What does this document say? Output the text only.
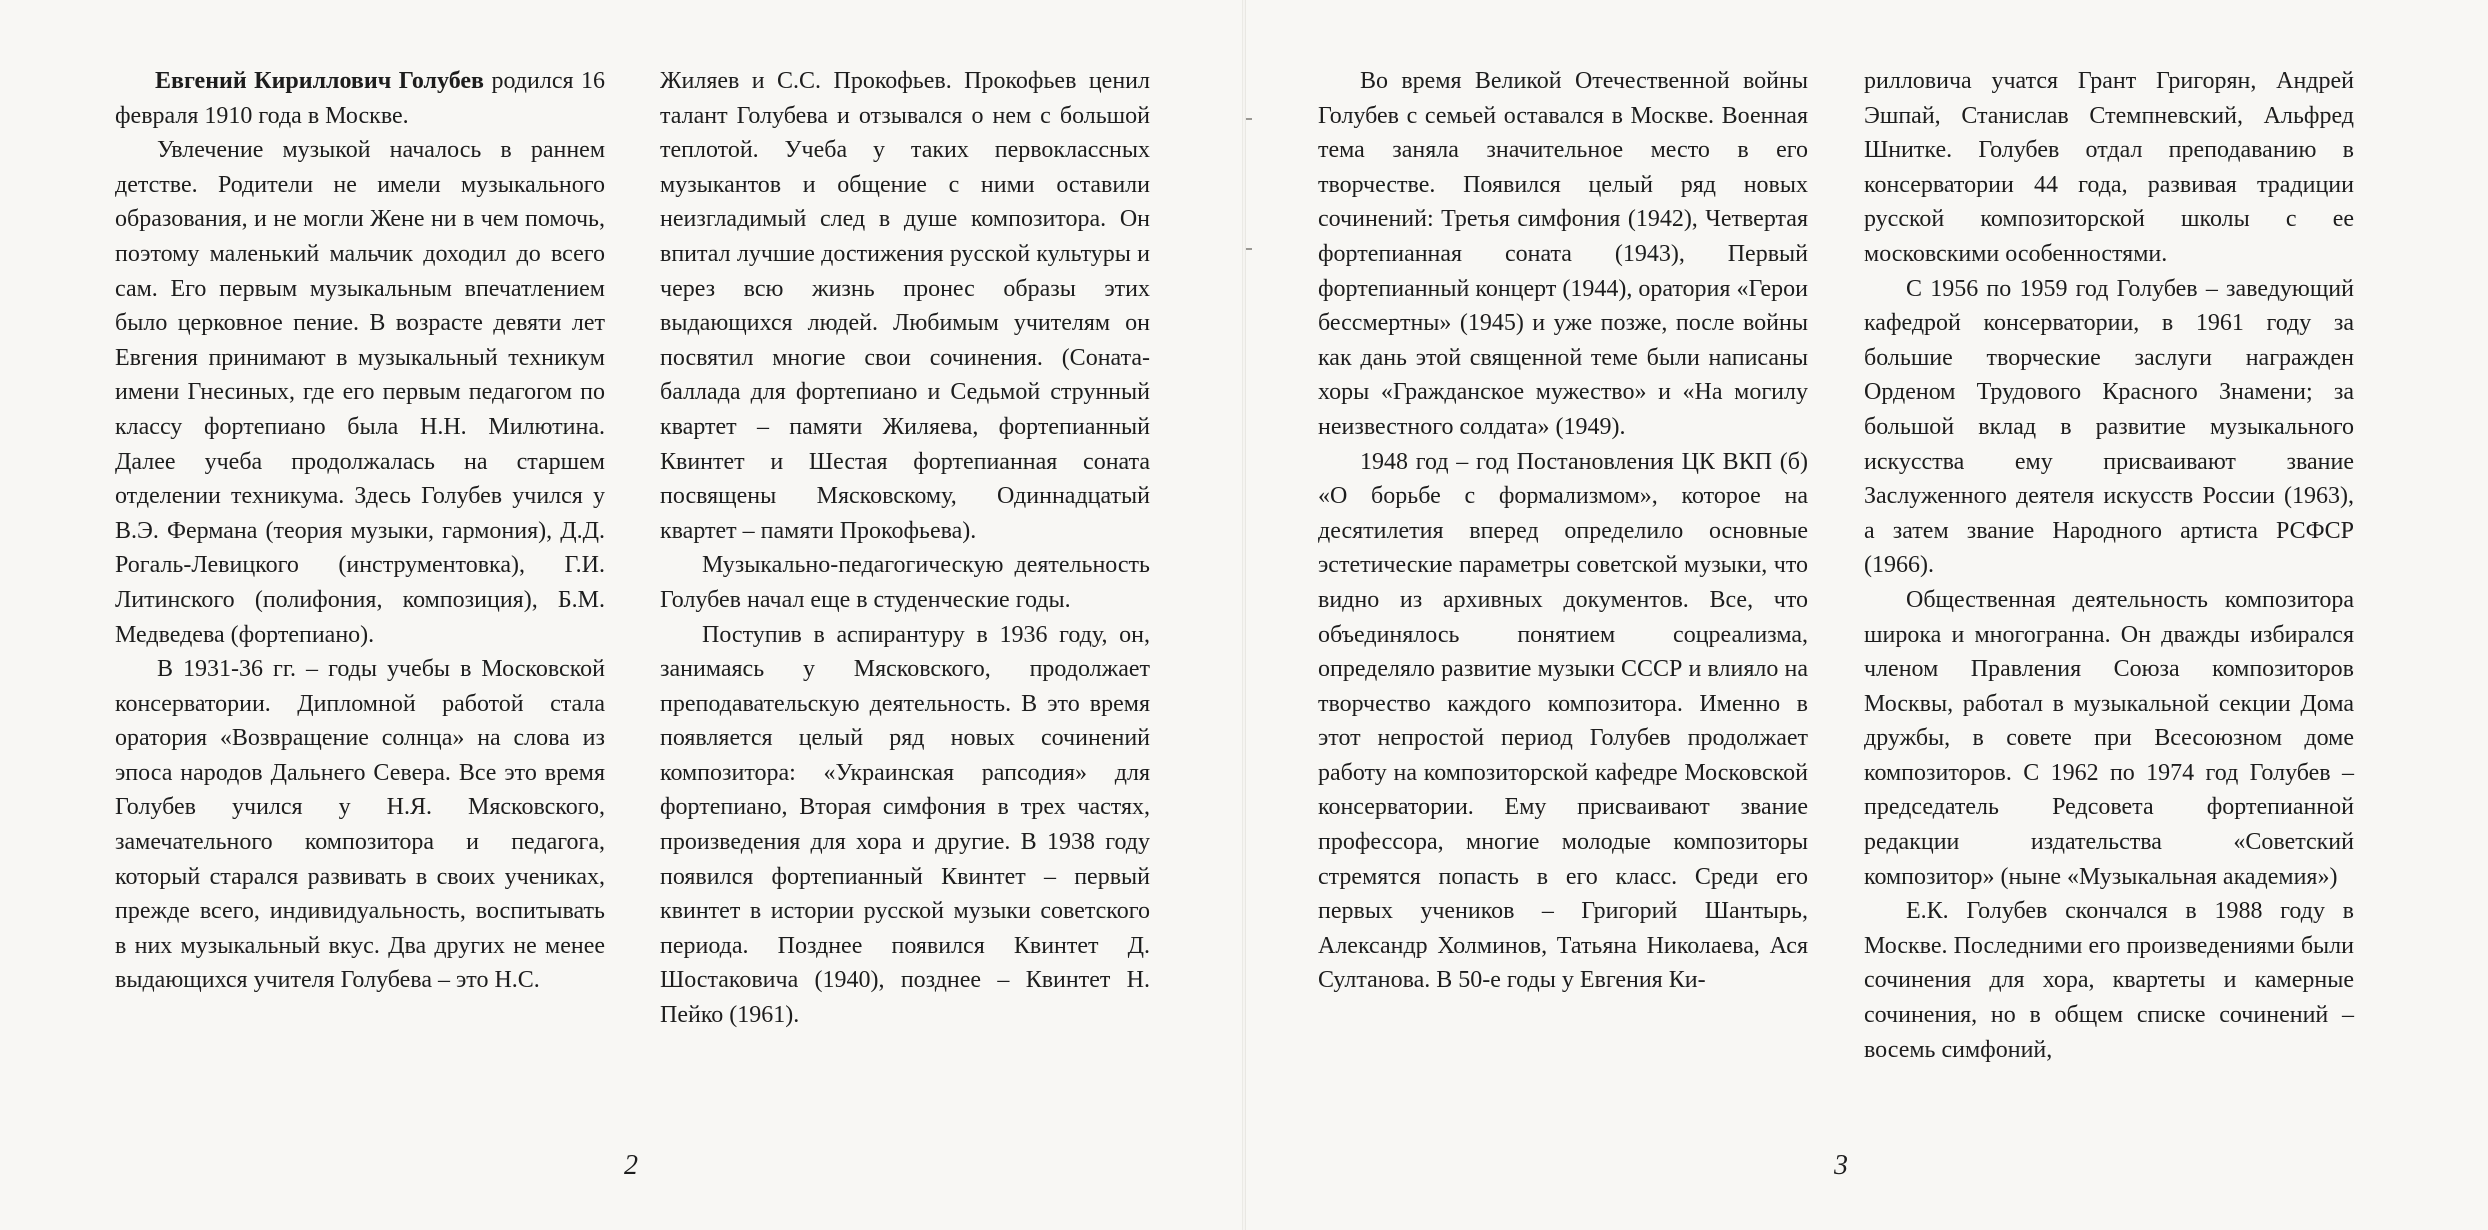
Евгений Кириллович Голубев родился 16 февраля 1910 года в Москве.

Увлечение музыкой началось в раннем детстве. Родители не имели музыкального образования, и не могли Жене ни в чем помочь, поэтому маленький мальчик доходил до всего сам. Его первым музыкальным впечатлением было церковное пение. В возрасте девяти лет Евгения принимают в музыкальный техникум имени Гнесиных, где его первым педагогом по классу фортепиано была Н.Н. Милютина. Далее учеба продолжалась на старшем отделении техникума. Здесь Голубев учился у В.Э. Фермана (теория музыки, гармония), Д.Д. Рогаль-Левицкого (инструментовка), Г.И. Литинского (полифония, композиция), Б.М. Медведева (фортепиано).

В 1931-36 гг. – годы учебы в Московской консерватории. Дипломной работой стала оратория «Возвращение солнца» на слова из эпоса народов Дальнего Севера. Все это время Голубев учился у Н.Я. Мясковского, замечательного композитора и педагога, который старался развивать в своих учениках, прежде всего, индивидуальность, воспитывать в них музыкальный вкус. Два других не менее выдающихся учителя Голубева – это Н.С.

Жиляев и С.С. Прокофьев. Прокофьев ценил талант Голубева и отзывался о нем с большой теплотой. Учеба у таких первоклассных музыкантов и общение с ними оставили неизгладимый след в душе композитора. Он впитал лучшие достижения русской культуры и через всю жизнь пронес образы этих выдающихся людей. Любимым учителям он посвятил многие свои сочинения. (Соната-баллада для фортепиано и Седьмой струнный квартет – памяти Жиляева, фортепианный Квинтет и Шестая фортепианная соната посвящены Мясковскому, Одиннадцатый квартет – памяти Прокофьева).

Музыкально-педагогическую деятельность Голубев начал еще в студенческие годы.

Поступив в аспирантуру в 1936 году, он, занимаясь у Мясковского, продолжает преподавательскую деятельность. В это время появляется целый ряд новых сочинений композитора: «Украинская рапсодия» для фортепиано, Вторая симфония в трех частях, произведения для хора и другие. В 1938 году появился фортепианный Квинтет – первый квинтет в истории русской музыки советского периода. Позднее появился Квинтет Д. Шостаковича (1940), позднее – Квинтет Н. Пейко (1961).

2

Во время Великой Отечественной войны Голубев с семьей оставался в Москве. Военная тема заняла значительное место в его творчестве. Появился целый ряд новых сочинений: Третья симфония (1942), Четвертая фортепианная соната (1943), Первый фортепианный концерт (1944), оратория «Герои бессмертны» (1945) и уже позже, после войны как дань этой священной теме были написаны хоры «Гражданское мужество» и «На могилу неизвестного солдата» (1949).

1948 год – год Постановления ЦК ВКП (б) «О борьбе с формализмом», которое на десятилетия вперед определило основные эстетические параметры советской музыки, что видно из архивных документов. Все, что объединялось понятием соцреализма, определяло развитие музыки СССР и влияло на творчество каждого композитора. Именно в этот непростой период Голубев продолжает работу на композиторской кафедре Московской консерватории. Ему присваивают звание профессора, многие молодые композиторы стремятся попасть в его класс. Среди его первых учеников – Григорий Шантырь, Александр Холминов, Татьяна Николаева, Ася Султанова. В 50-е годы у Евгения Ки-

рилловича учатся Грант Григорян, Андрей Эшпай, Станислав Стемпневский, Альфред Шнитке. Голубев отдал преподаванию в консерватории 44 года, развивая традиции русской композиторской школы с ее московскими особенностями.

С 1956 по 1959 год Голубев – заведующий кафедрой консерватории, в 1961 году за большие творческие заслуги награжден Орденом Трудового Красного Знамени; за большой вклад в развитие музыкального искусства ему присваивают звание Заслуженного деятеля искусств России (1963), а затем звание Народного артиста РСФСР (1966).

Общественная деятельность композитора широка и многогранна. Он дважды избирался членом Правления Союза композиторов Москвы, работал в музыкальной секции Дома дружбы, в совете при Всесоюзном доме композиторов. С 1962 по 1974 год Голубев – председатель Редсовета фортепианной редакции издательства «Советский композитор» (ныне «Музыкальная академия»)

Е.К. Голубев скончался в 1988 году в Москве. Последними его произведениями были сочинения для хора, квартеты и камерные сочинения, но в общем списке сочинений – восемь симфоний,

3
